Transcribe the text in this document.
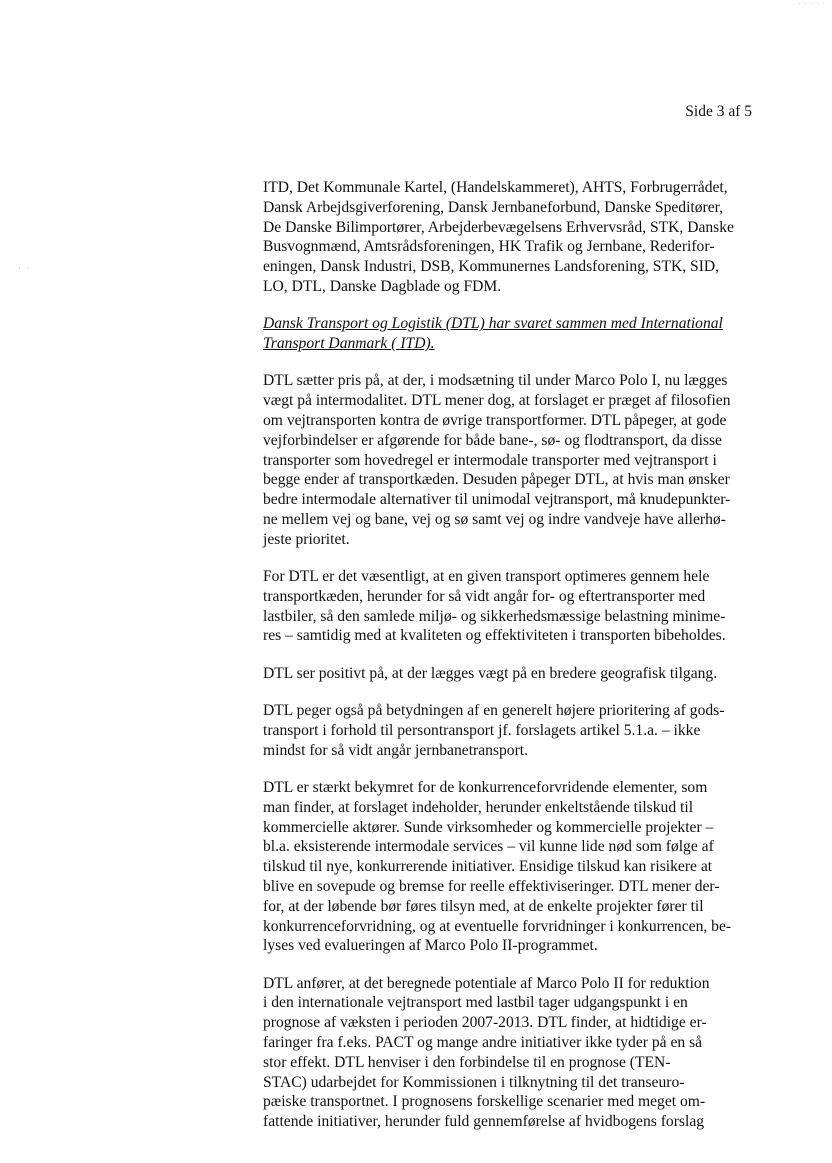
· · · · ·
· ·
Side 3 af 5
ITD, Det Kommunale Kartel, (Handelskammeret), AHTS, Forbrugerrådet,
Dansk Arbejdsgiverforening, Dansk Jernbaneforbund, Danske Speditører,
De Danske Bilimportører, Arbejderbevægelsens Erhvervsråd, STK, Danske
Busvognmænd, Amtsrådsforeningen, HK Trafik og Jernbane, Rederifor-
eningen, Dansk Industri, DSB, Kommunernes Landsforening, STK, SID,
LO, DTL, Danske Dagblade og FDM.
Dansk Transport og Logistik (DTL) har svaret sammen med International
Transport Danmark ( ITD).
DTL sætter pris på, at der, i modsætning til under Marco Polo I, nu lægges
vægt på intermodalitet. DTL mener dog, at forslaget er præget af filosofien
om vejtransporten kontra de øvrige transportformer. DTL påpeger, at gode
vejforbindelser er afgørende for både bane-, sø- og flodtransport, da disse
transporter som hovedregel er intermodale transporter med vejtransport i
begge ender af transportkæden. Desuden påpeger DTL, at hvis man ønsker
bedre intermodale alternativer til unimodal vejtransport, må knudepunkter-
ne mellem vej og bane, vej og sø samt vej og indre vandveje have allerhø-
jeste prioritet.
For DTL er det væsentligt, at en given transport optimeres gennem hele
transportkæden, herunder for så vidt angår for- og eftertransporter med
lastbiler, så den samlede miljø- og sikkerhedsmæssige belastning minime-
res – samtidig med at kvaliteten og effektiviteten i transporten bibeholdes.
DTL ser positivt på, at der lægges vægt på en bredere geografisk tilgang.
DTL peger også på betydningen af en generelt højere prioritering af gods-
transport i forhold til persontransport jf. forslagets artikel 5.1.a. – ikke
mindst for så vidt angår jernbanetransport.
DTL er stærkt bekymret for de konkurrenceforvridende elementer, som
man finder, at forslaget indeholder, herunder enkeltstående tilskud til
kommercielle aktører. Sunde virksomheder og kommercielle projekter –
bl.a. eksisterende intermodale services – vil kunne lide nød som følge af
tilskud til nye, konkurrerende initiativer. Ensidige tilskud kan risikere at
blive en sovepude og bremse for reelle effektiviseringer. DTL mener der-
for, at der løbende bør føres tilsyn med, at de enkelte projekter fører til
konkurrenceforvridning, og at eventuelle forvridninger i konkurrencen, be-
lyses ved evalueringen af Marco Polo II-programmet.
DTL anfører, at det beregnede potentiale af Marco Polo II for reduktion
i den internationale vejtransport med lastbil tager udgangspunkt i en
prognose af væksten i perioden 2007-2013. DTL finder, at hidtidige er-
faringer fra f.eks. PACT og mange andre initiativer ikke tyder på en så
stor effekt. DTL henviser i den forbindelse til en prognose (TEN-
STAC) udarbejdet for Kommissionen i tilknytning til det transeuro-
pæiske transportnet. I prognosens forskellige scenarier med meget om-
fattende initiativer, herunder fuld gennemførelse af hvidbogens forslag
